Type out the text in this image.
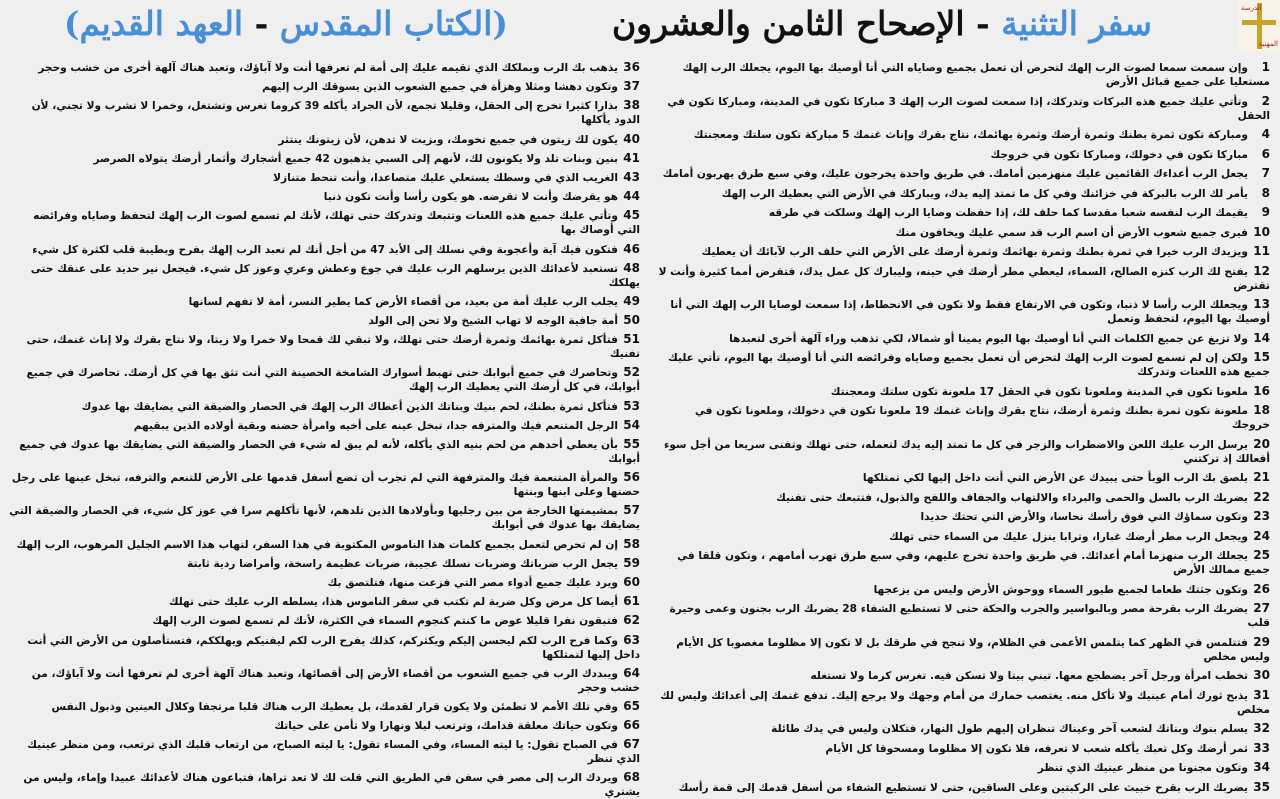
(الكتاب المقدس - العهد القديم)	سفر التثنية - الإصحاح الثامن والعشرون	الدرسة
المهنية
1وإن سمعت سمعا لصوت الرب إلهك لتحرص أن تعمل بجميع وصاياه التي أنا أوصيك بها اليوم، يجعلك الرب إلهك مستعليا على جميع قبائل الأرض
2وتأتي عليك جميع هذه البركات وتدركك، إذا سمعت لصوت الرب إلهك 3 مباركا تكون في المدينة، ومباركا تكون في الحقل
4ومباركة تكون ثمرة بطنك وثمرة أرضك وثمرة بهائمك، نتاج بقرك وإناث غنمك 5 مباركة تكون سلتك ومعجنتك
6مباركا تكون في دخولك، ومباركا تكون في خروجك
7يجعل الرب أعداءك القائمين عليك منهزمين أمامك. في طريق واحدة يخرجون عليك، وفي سبع طرق يهربون أمامك
8يأمر لك الرب بالبركة في خزائنك وفي كل ما تمتد إليه يدك، ويباركك في الأرض التي يعطيك الرب إلهك
9يقيمك الرب لنفسه شعبا مقدسا كما حلف لك، إذا حفظت وصايا الرب إلهك وسلكت في طرقه
10فيرى جميع شعوب الأرض أن اسم الرب قد سمي عليك ويخافون منك
11ويزيدك الرب خيرا في ثمرة بطنك وثمرة بهائمك وثمرة أرضك على الأرض التي حلف الرب لآبائك أن يعطيك
12يفتح لك الرب كنزه الصالح، السماء، ليعطي مطر أرضك في حينه، وليبارك كل عمل يدك، فتقرض أمما كثيرة وأنت لا تقترض
13ويجعلك الرب رأسا لا ذنبا، وتكون في الارتفاع فقط ولا تكون في الانحطاط، إذا سمعت لوصايا الرب إلهك التي أنا أوصيك بها اليوم، لتحفظ وتعمل
14ولا تزيغ عن جميع الكلمات التي أنا أوصيك بها اليوم يمينا أو شمالا، لكي تذهب وراء آلهة أخرى لتعبدها
15ولكن إن لم تسمع لصوت الرب إلهك لتحرص أن تعمل بجميع وصاياه وفرائضه التي أنا أوصيك بها اليوم، تأتي عليك جميع هذه اللعنات وتدركك
16ملعونا تكون في المدينة وملعونا تكون في الحقل 17 ملعونة تكون سلتك ومعجنتك
18ملعونة تكون ثمرة بطنك وثمرة أرضك، نتاج بقرك وإناث غنمك 19 ملعونا تكون في دخولك، وملعونا تكون في خروجك
20يرسل الرب عليك اللعن والاضطراب والزجر في كل ما تمتد إليه يدك لتعمله، حتى تهلك وتفنى سريعا من أجل سوء أفعالك إذ تركتني
21يلصق بك الرب الوبأ حتى يبيدك عن الأرض التي أنت داخل إليها لكي تمتلكها
22يضربك الرب بالسل والحمى والبرداء والالتهاب والجفاف واللفح والذبول، فتتبعك حتى تفنيك
23وتكون سماؤك التي فوق رأسك نحاسا، والأرض التي تحتك حديدا
24ويجعل الرب مطر أرضك غبارا، وترابا ينزل عليك من السماء حتى تهلك
25يجعلك الرب منهزما أمام أعدائك. في طريق واحدة تخرج عليهم، وفي سبع طرق تهرب أمامهم ، وتكون قلقا في جميع ممالك الأرض
26وتكون جثتك طعاما لجميع طيور السماء ووحوش الأرض وليس من يزعجها
27يضربك الرب بقرحة مصر وبالبواسير والجرب والحكة حتى لا تستطيع الشفاء 28 يضربك الرب بجنون وعمى وحيرة قلب
29فتتلمس في الظهر كما يتلمس الأعمى في الظلام، ولا تنجح في طرقك بل لا تكون إلا مظلوما مغصوبا كل الأيام وليس مخلص
30تخطب امرأة ورجل آخر يضطجع معها. تبني بيتا ولا تسكن فيه. تغرس كرما ولا تستغله
31يذبح ثورك أمام عينيك ولا تأكل منه. يغتصب حمارك من أمام وجهك ولا يرجع إليك. تدفع غنمك إلى أعدائك وليس لك مخلص
32يسلم بنوك وبناتك لشعب آخر وعيناك تنظران إليهم طول النهار، فتكلان وليس في يدك طائلة
33ثمر أرضك وكل تعبك يأكله شعب لا تعرفه، فلا تكون إلا مظلوما ومسحوقا كل الأيام
34وتكون مجنونا من منظر عينيك الذي تنظر
35يضربك الرب بقرح خبيث على الركبتين وعلى الساقين، حتى لا تستطيع الشفاء من أسفل قدمك إلى قمة رأسك
36يذهب بك الرب وبملكك الذي تقيمه عليك إلى أمة لم تعرفها أنت ولا آباؤك، وتعبد هناك آلهة أخرى من خشب وحجر
37وتكون دهشا ومثلا وهزأة في جميع الشعوب الذين يسوقك الرب إليهم
38بذارا كثيرا تخرج إلى الحقل، وقليلا تجمع، لأن الجراد يأكله 39 كروما تغرس وتشتغل، وخمرا لا تشرب ولا تجني، لأن الدود يأكلها
40يكون لك زيتون في جميع تخومك، وبزيت لا تدهن، لأن زيتونك ينتثر
41بنين وبنات تلد ولا يكونون لك، لأنهم إلى السبي يذهبون 42 جميع أشجارك وأثمار أرضك يتولاه الصرصر
43الغريب الذي في وسطك يستعلي عليك متصاعدا، وأنت تنحط متنازلا
44هو يقرضك وأنت لا تقرضه. هو يكون رأسا وأنت تكون ذنبا
45وتأتي عليك جميع هذه اللعنات وتتبعك وتدركك حتى تهلك، لأنك لم تسمع لصوت الرب إلهك لتحفظ وصاياه وفرائضه التي أوصاك بها
46فتكون فيك آية وأعجوبة وفي نسلك إلى الأبد 47 من أجل أنك لم تعبد الرب إلهك بفرح وبطيبة قلب لكثرة كل شيء
48تستعبد لأعدائك الذين يرسلهم الرب عليك في جوع وعطش وعري وعوز كل شيء. فيجعل نير حديد على عنقك حتى يهلكك
49يجلب الرب عليك أمة من بعيد، من أقصاء الأرض كما يطير النسر، أمة لا تفهم لسانها
50أمة جافية الوجه لا تهاب الشيخ ولا تحن إلى الولد
51فتأكل ثمرة بهائمك وثمرة أرضك حتى تهلك، ولا تبقي لك قمحا ولا خمرا ولا زيتا، ولا نتاج بقرك ولا إناث غنمك، حتى تفنيك
52وتحاصرك في جميع أبوابك حتى تهبط أسوارك الشامخة الحصينة التي أنت تثق بها في كل أرضك. تحاصرك في جميع أبوابك، في كل أرضك التي يعطيك الرب إلهك
53فتأكل ثمرة بطنك، لحم بنيك وبناتك الذين أعطاك الرب إلهك في الحصار والضيقة التي يضايقك بها عدوك
54الرجل المتنعم فيك والمترفه جدا، تبخل عينه على أخيه وامرأة حضنه وبقية أولاده الذين يبقيهم
55بأن يعطي أحدهم من لحم بنيه الذي يأكله، لأنه لم يبق له شيء في الحصار والضيقة التي يضايقك بها عدوك في جميع أبوابك
56والمرأة المتنعمة فيك والمترفهة التي لم تجرب أن تضع أسفل قدمها على الأرض للتنعم والترفه، تبخل عينها على رجل حضنها وعلى ابنها وبنتها
57بمشيمتها الخارجة من بين رجليها وبأولادها الذين تلدهم، لأنها تأكلهم سرا في عوز كل شيء، في الحصار والضيقة التي يضايقك بها عدوك في أبوابك
58إن لم تحرص لتعمل بجميع كلمات هذا الناموس المكتوبة في هذا السفر، لتهاب هذا الاسم الجليل المرهوب، الرب إلهك
59يجعل الرب ضرباتك وضربات نسلك عجيبة، ضربات عظيمة راسخة، وأمراضا ردية ثابتة
60ويرد عليك جميع أدواء مصر التي فزعت منها، فتلتصق بك
61أيضا كل مرض وكل ضربة لم تكتب في سفر الناموس هذا، يسلطه الرب عليك حتى تهلك
62فتبقون نفرا قليلا عوض ما كنتم كنجوم السماء في الكثرة، لأنك لم تسمع لصوت الرب إلهك
63وكما فرح الرب لكم ليحسن إليكم ويكثركم، كذلك يفرح الرب لكم ليفنيكم ويهلككم، فتستأصلون من الأرض التي أنت داخل إليها لتمتلكها
64ويبددك الرب في جميع الشعوب من أقصاء الأرض إلى أقصائها، وتعبد هناك آلهة أخرى لم تعرفها أنت ولا آباؤك، من خشب وحجر
65وفي تلك الأمم لا تطمئن ولا يكون قرار لقدمك، بل يعطيك الرب هناك قلبا مرتجفا وكلال العينين وذبول النفس
66وتكون حياتك معلقة قدامك، وترتعب ليلا ونهارا ولا تأمن على حياتك
67في الصباح تقول: يا ليته المساء، وفي المساء تقول: يا ليته الصباح، من ارتعاب قلبك الذي ترتعب، ومن منظر عينيك الذي تنظر
68ويردك الرب إلى مصر في سفن في الطريق التي قلت لك لا تعد تراها، فتباعون هناك لأعدائك عبيدا وإماء، وليس من يشتري
